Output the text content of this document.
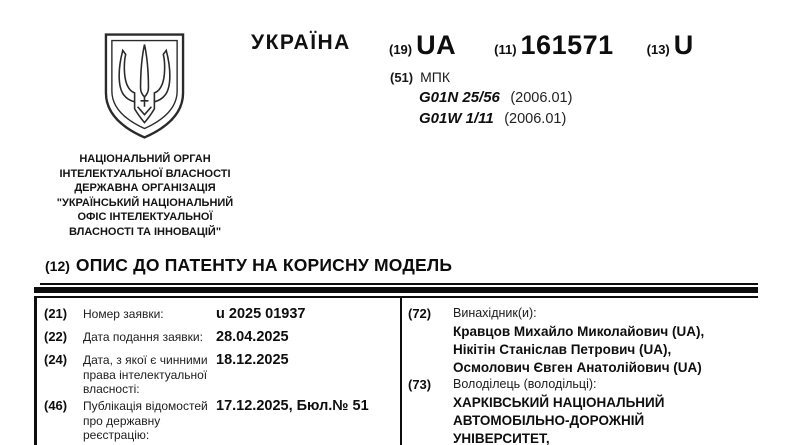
УКРАЇНА	(19) UA	(11) 161571	(13) U
(51) МПК
G01N 25/56 (2006.01)
G01W 1/11 (2006.01)
НАЦІОНАЛЬНИЙ ОРГАН
ІНТЕЛЕКТУАЛЬНОЇ ВЛАСНОСТІ
ДЕРЖАВНА ОРГАНІЗАЦІЯ
"УКРАЇНСЬКИЙ НАЦІОНАЛЬНИЙ
ОФІС ІНТЕЛЕКТУАЛЬНОЇ
ВЛАСНОСТІ ТА ІННОВАЦІЙ"
(12) ОПИС ДО ПАТЕНТУ НА КОРИСНУ МОДЕЛЬ
(21) Номер заявки:	u 2025 01937
(22) Дата подання заявки: 28.04.2025
(24) Дата, з якої є чинними права інтелектуальної власності:
18.12.2025
(46) Публікація відомостей про державну реєстрацію:
17.12.2025, Бюл.№ 51
(72) Винахідник(и):
Кравцов Михайло Миколайович (UA),
Нікітін Станіслав Петрович (UA),
Осмолович Євген Анатолійович (UA)
(73) Володілець (володільці):
ХАРКІВСЬКИЙ НАЦІОНАЛЬНИЙ
АВТОМОБІЛЬНО-ДОРОЖНІЙ
УНІВЕРСИТЕТ,
